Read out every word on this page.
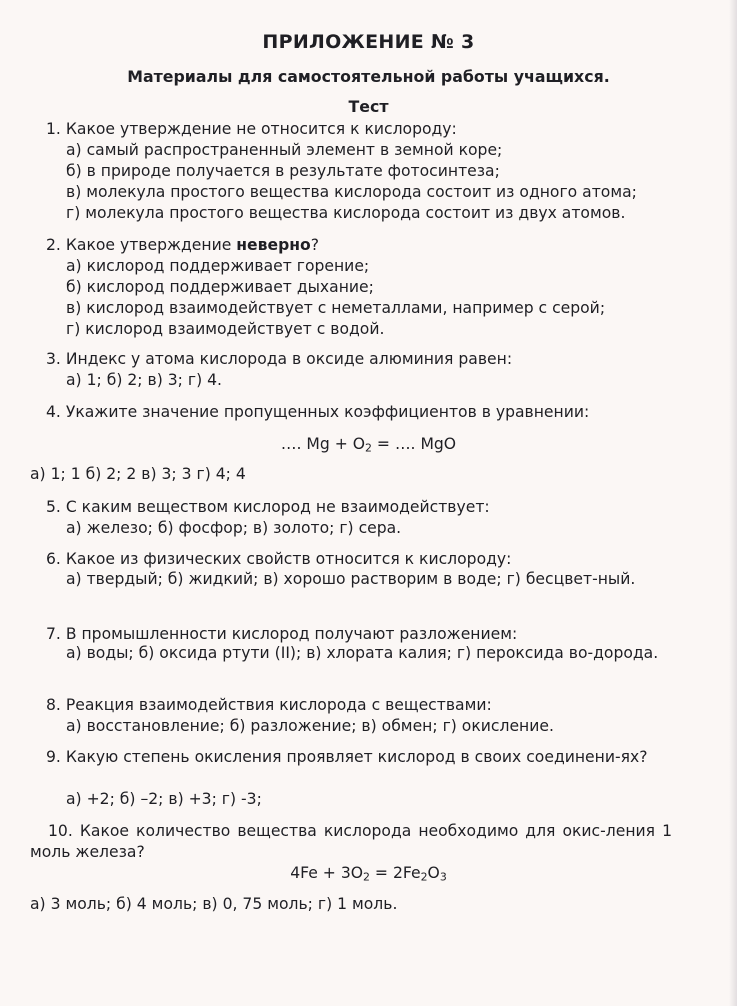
ПРИЛОЖЕНИЕ № 3
Материалы для самостоятельной работы учащихся.
Тест
1. Какое утверждение не относится к кислороду:
а) самый распространенный элемент в земной коре;
б) в природе получается в результате фотосинтеза;
в) молекула простого вещества кислорода состоит из одного атома;
г) молекула простого вещества кислорода состоит из двух атомов.
2. Какое утверждение неверно?
а) кислород поддерживает горение;
б) кислород поддерживает дыхание;
в) кислород взаимодействует с неметаллами, например с серой;
г) кислород взаимодействует с водой.
3. Индекс у атома кислорода в оксиде алюминия равен:
а) 1; б) 2; в) 3; г) 4.
4. Укажите значение пропущенных коэффициентов в уравнении:
…. $Mg + O_2$ = …. MgO
а) 1; 1 б) 2; 2 в) 3; 3 г) 4; 4
5. С каким веществом кислород не взаимодействует:
а) железо; б) фосфор; в) золото; г) сера.
6. Какое из физических свойств относится к кислороду:
а) твердый; б) жидкий; в) хорошо растворим в воде; г) бесцвет-ный.
7. В промышленности кислород получают разложением:
а) воды; б) оксида ртути (II); в) хлората калия; г) пероксида во-дорода.
8. Реакция взаимодействия кислорода с веществами:
а) восстановление; б) разложение; в) обмен; г) окисление.
9. Какую степень окисления проявляет кислород в своих соединени-ях?
а) +2; б) –2; в) +3; г) -3;
10. Какое количество вещества кислорода необходимо для окис-ления 1 моль железа?
$4Fe + 3O_2 = 2Fe_2O_3$
а) 3 моль; б) 4 моль; в) 0, 75 моль; г) 1 моль.
